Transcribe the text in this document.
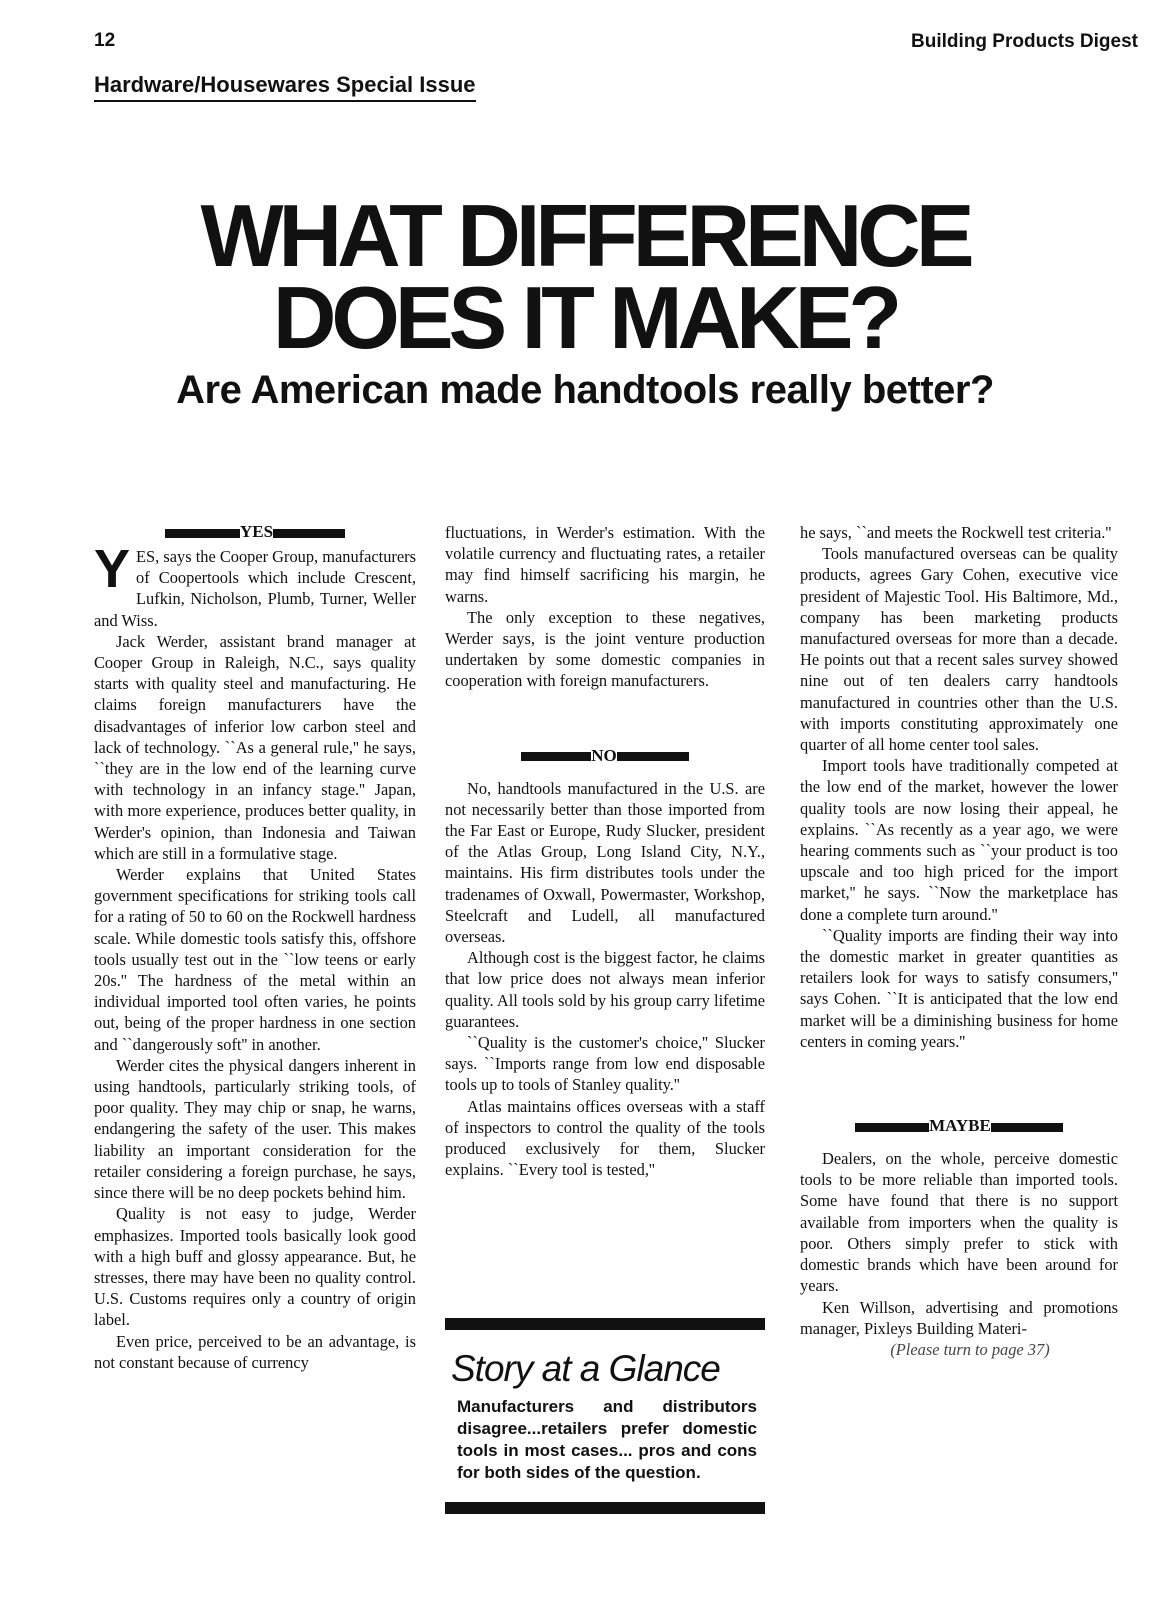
12	Building Products Digest
Hardware/Housewares Special Issue
WHAT DIFFERENCE
DOES IT MAKE?
Are American made handtools really better?
YES

YES, says the Cooper Group, manufacturers of Coopertools which include Crescent, Lufkin, Nicholson, Plumb, Turner, Weller and Wiss.

Jack Werder, assistant brand manager at Cooper Group in Raleigh, N.C., says quality starts with quality steel and manufacturing. He claims foreign manufacturers have the disadvantages of inferior low carbon steel and lack of technology. ``As a general rule,'' he says, ``they are in the low end of the learning curve with technology in an infancy stage.'' Japan, with more experience, produces better quality, in Werder's opinion, than Indonesia and Taiwan which are still in a formulative stage.

Werder explains that United States government specifications for striking tools call for a rating of 50 to 60 on the Rockwell hardness scale. While domestic tools satisfy this, offshore tools usually test out in the ``low teens or early 20s.'' The hardness of the metal within an individual imported tool often varies, he points out, being of the proper hardness in one section and ``dangerously soft'' in another.

Werder cites the physical dangers inherent in using handtools, particularly striking tools, of poor quality. They may chip or snap, he warns, endangering the safety of the user. This makes liability an important consideration for the retailer considering a foreign purchase, he says, since there will be no deep pockets behind him.

Quality is not easy to judge, Werder emphasizes. Imported tools basically look good with a high buff and glossy appearance. But, he stresses, there may have been no quality control. U.S. Customs requires only a country of origin label.

Even price, perceived to be an advantage, is not constant because of currency

fluctuations, in Werder's estimation. With the volatile currency and fluctuating rates, a retailer may find himself sacrificing his margin, he warns.

The only exception to these negatives, Werder says, is the joint venture production undertaken by some domestic companies in cooperation with foreign manufacturers.

NO

No, handtools manufactured in the U.S. are not necessarily better than those imported from the Far East or Europe, Rudy Slucker, president of the Atlas Group, Long Island City, N.Y., maintains. His firm distributes tools under the tradenames of Oxwall, Powermaster, Workshop, Steelcraft and Ludell, all manufactured overseas.

Although cost is the biggest factor, he claims that low price does not always mean inferior quality. All tools sold by his group carry lifetime guarantees.

``Quality is the customer's choice,'' Slucker says. ``Imports range from low end disposable tools up to tools of Stanley quality.''

Atlas maintains offices overseas with a staff of inspectors to control the quality of the tools produced exclusively for them, Slucker explains. ``Every tool is tested,''

Story at a Glance
Manufacturers and distributors disagree...retailers prefer domestic tools in most cases... pros and cons for both sides of the question.

he says, ``and meets the Rockwell test criteria.''

Tools manufactured overseas can be quality products, agrees Gary Cohen, executive vice president of Majestic Tool. His Baltimore, Md., company has been marketing products manufactured overseas for more than a decade. He points out that a recent sales survey showed nine out of ten dealers carry handtools manufactured in countries other than the U.S. with imports constituting approximately one quarter of all home center tool sales.

Import tools have traditionally competed at the low end of the market, however the lower quality tools are now losing their appeal, he explains. ``As recently as a year ago, we were hearing comments such as ``your product is too upscale and too high priced for the import market,'' he says. ``Now the marketplace has done a complete turn around.''

``Quality imports are finding their way into the domestic market in greater quantities as retailers look for ways to satisfy consumers,'' says Cohen. ``It is anticipated that the low end market will be a diminishing business for home centers in coming years.''

MAYBE

Dealers, on the whole, perceive domestic tools to be more reliable than imported tools. Some have found that there is no support available from importers when the quality is poor. Others simply prefer to stick with domestic brands which have been around for years.

Ken Willson, advertising and promotions manager, Pixleys Building Materi-

(Please turn to page 37)
